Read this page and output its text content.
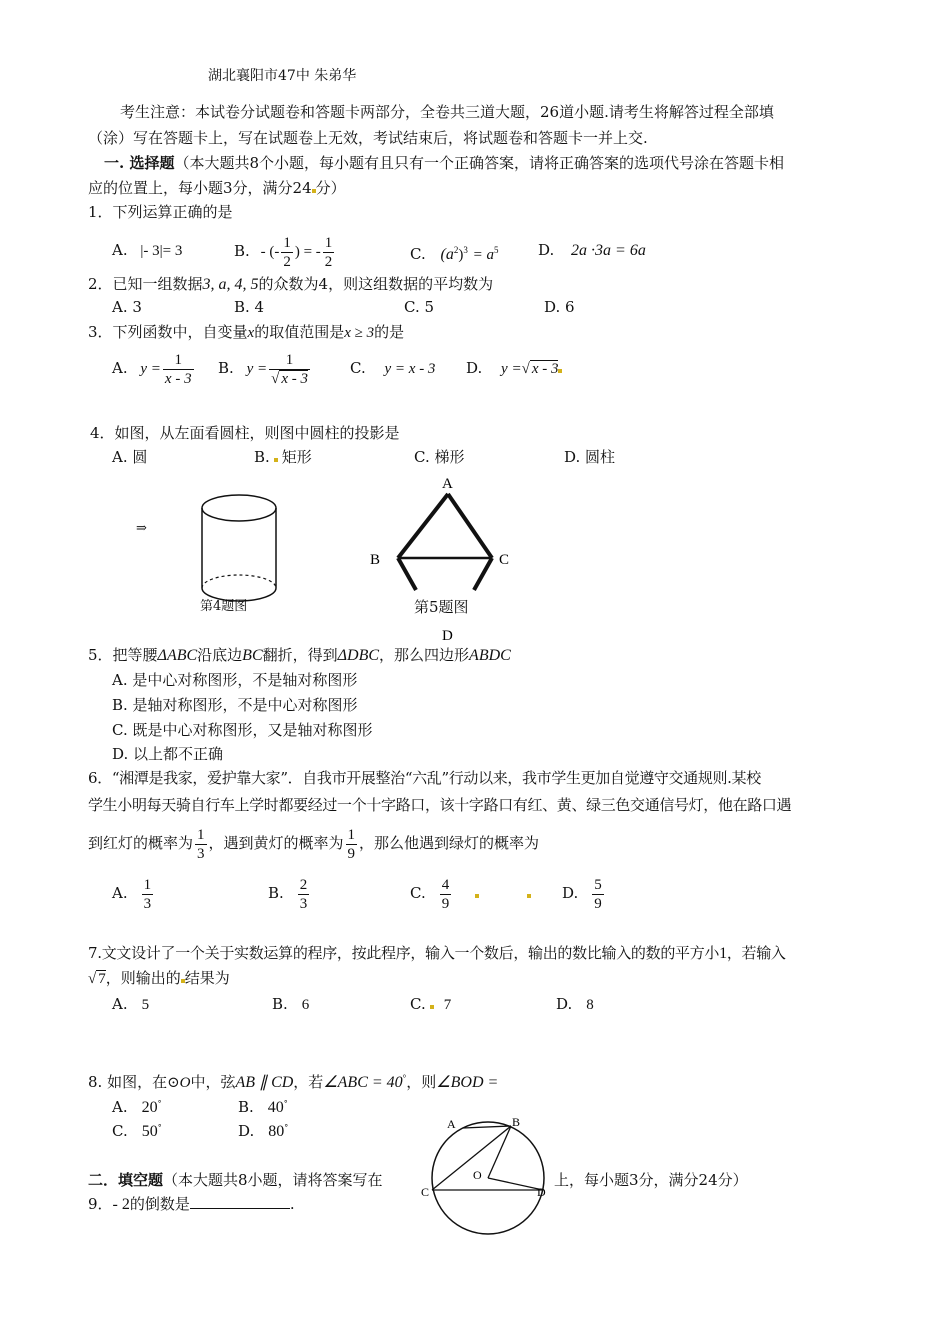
湖北襄阳市47中 朱弟华
考生注意：本试卷分试题卷和答题卡两部分，全卷共三道大题，26道小题.请考生将解答过程全部填
（涂）写在答题卡上，写在试题卷上无效，考试结束后，将试题卷和答题卡一并上交.
一. 选择题（本大题共8个小题，每小题有且只有一个正确答案，请将正确答案的选项代号涂在答题卡相
应的位置上，每小题3分，满分24 分）
1．下列运算正确的是
A. |- 3|= 3	B. - (- $\frac{1}{2}$ ) = - $\frac{1}{2}$	C. $(a^2)^3 = a^5$	D. 2a ·3a = 6a
2．已知一组数据3, a, 4, 5的众数为4，则这组数据的平均数为
A. 3	B. 4	C. 5	D. 6
3．下列函数中，自变量x的取值范围是x ≥ 3的是
A. $y = \frac{1}{x - 3} B$. $y = \frac{1}{√ x - 3}$	C. y = x - 3 D. y =√ x - 3
4．如图，从左面看圆柱，则图中圆柱的投影是
A. 圆	B. 矩形	C. 梯形	D. 圆柱
⇒
第4题图
A
B	C
D
第5题图
5．把等腰ΔABC沿底边BC翻折，得到ΔDBC，那么四边形ABDC
A. 是中心对称图形，不是轴对称图形
B. 是轴对称图形，不是中心对称图形
C. 既是中心对称图形，又是轴对称图形
D. 以上都不正确
6．“湘潭是我家，爱护靠大家”．自我市开展整治“六乱”行动以来，我市学生更加自觉遵守交通规则.某校
学生小明每天骑自行车上学时都要经过一个十字路口，该十字路口有红、黄、绿三色交通信号灯，他在路口遇
到红灯的概率为 $\frac{1}{3}$ ，遇到黄灯的概率为 $\frac{1}{9}$ ，那么他遇到绿灯的概率为
A. $\frac{1}{3}$	B. $\frac{2}{3}$	C. $\frac{4}{9}$	D. $\frac{5}{9}$
7.文文设计了一个关于实数运算的程序，按此程序，输入一个数后，输出的数比输入的数的平方小1，若输入
√ 7，则输出的 结果为
A. 5	B. 6	C. 7	D. 8
8. 如图，在⊙O中，弦AB ∥ CD，若∠ABC = 40°，则∠BOD =
A. 20°	B. 40°
C. 50°	D. 80°	A	B
C	D
O
二．填空题（本大题共8小题，请将答案写在	上，每小题3分，满分24分）
9．- 2的倒数是	.
